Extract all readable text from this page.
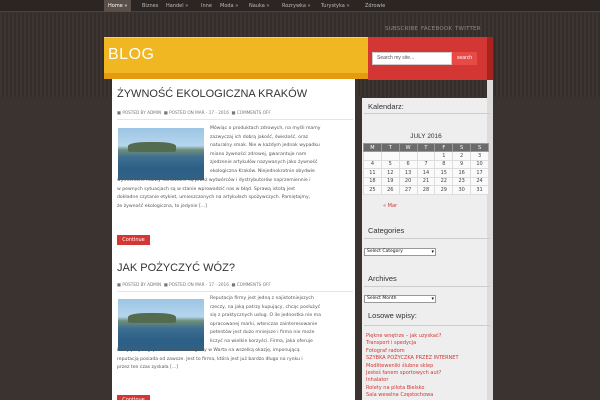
Home »	Biznes	Handel »	Inne	Moda »	Nauka »	Rozrywka »	Turystyka »	Zdrowie
SUBSCRIBE FACEBOOK TWITTER
BLOG	Search my site...	search
ŻYWNOŚĆ EKOLOGICZNA KRAKÓW
■ POSTED BY ADMIN ■ POSTED ON MAR - 17 - 2016 ■ COMMENTS OFF
Mówiąc o produktach zdrowych, na myśli mamy
zazwyczaj ich dobrą jakość, świeżość, oraz
naturalny smak. Nie w każdym jednak wypadku
miano żywności zdrowej, gwarantuje nam
zjedzenie artykułów nazywanych jako żywność
ekologiczna Kraków. Niejednokrotnie obydwie
wymienione nazwy stosowane są przez wytwórców i dystrybutorów naprzemiennie i
w pewnych sytuacjach są w stanie wprowadzić nas w błąd. Sprawą istotą jest
dokładne czytanie etykiet, umieszczonych na artykułach spożywczych. Pamiętajmy,
że żywność ekologiczna, to jedynie [...]
Continue
JAK POŻYCZYĆ WÓZ?
■ POSTED BY ADMIN ■ POSTED ON MAR - 17 - 2016 ■ COMMENTS OFF
Reputacja firmy jest jedną z najistotniejszych
rzeczy, na jaką patrzy kupujący, chcąc posłużyć
się z praktycznych usług. O ile jednostka nie ma
opracowanej marki, wtenczas zainteresowanie
petentów jest dużo mniejsze i firma nie może
liczyć na wielkie korzyści. Firma, jaka oferuje
kiedy przysługuje samochód zastępczy w Warta na wszelką okazję, imponującą
reputacją posiada od zawsze. Jest to firma, która jest już bardzo długo na rynku i
przez ten czas zyskała [...]
Continue
Kalendarz:
JULY 2016
M	T	W	T	F	S	S
				1	2	3
4	5	6	7	8	9	10
11	12	13	14	15	16	17
18	19	20	21	22	23	24
25	26	27	28	29	30	31
« Mar
Categories
Select Category ▾
Archives
Select Month ▾
Losowe wpisy:
Piękne wnętrze – jak uzyskać?
Transport i spedycja
Fotograf radom
SZYBKA POŻYCZKA PRZEZ INTERNET
Modliteweniki ślubne sklep
Jesteś fanem sportowych aut?
Inhalator
Rolety na pilota Bielsko
Sala weselna Częstochowa
